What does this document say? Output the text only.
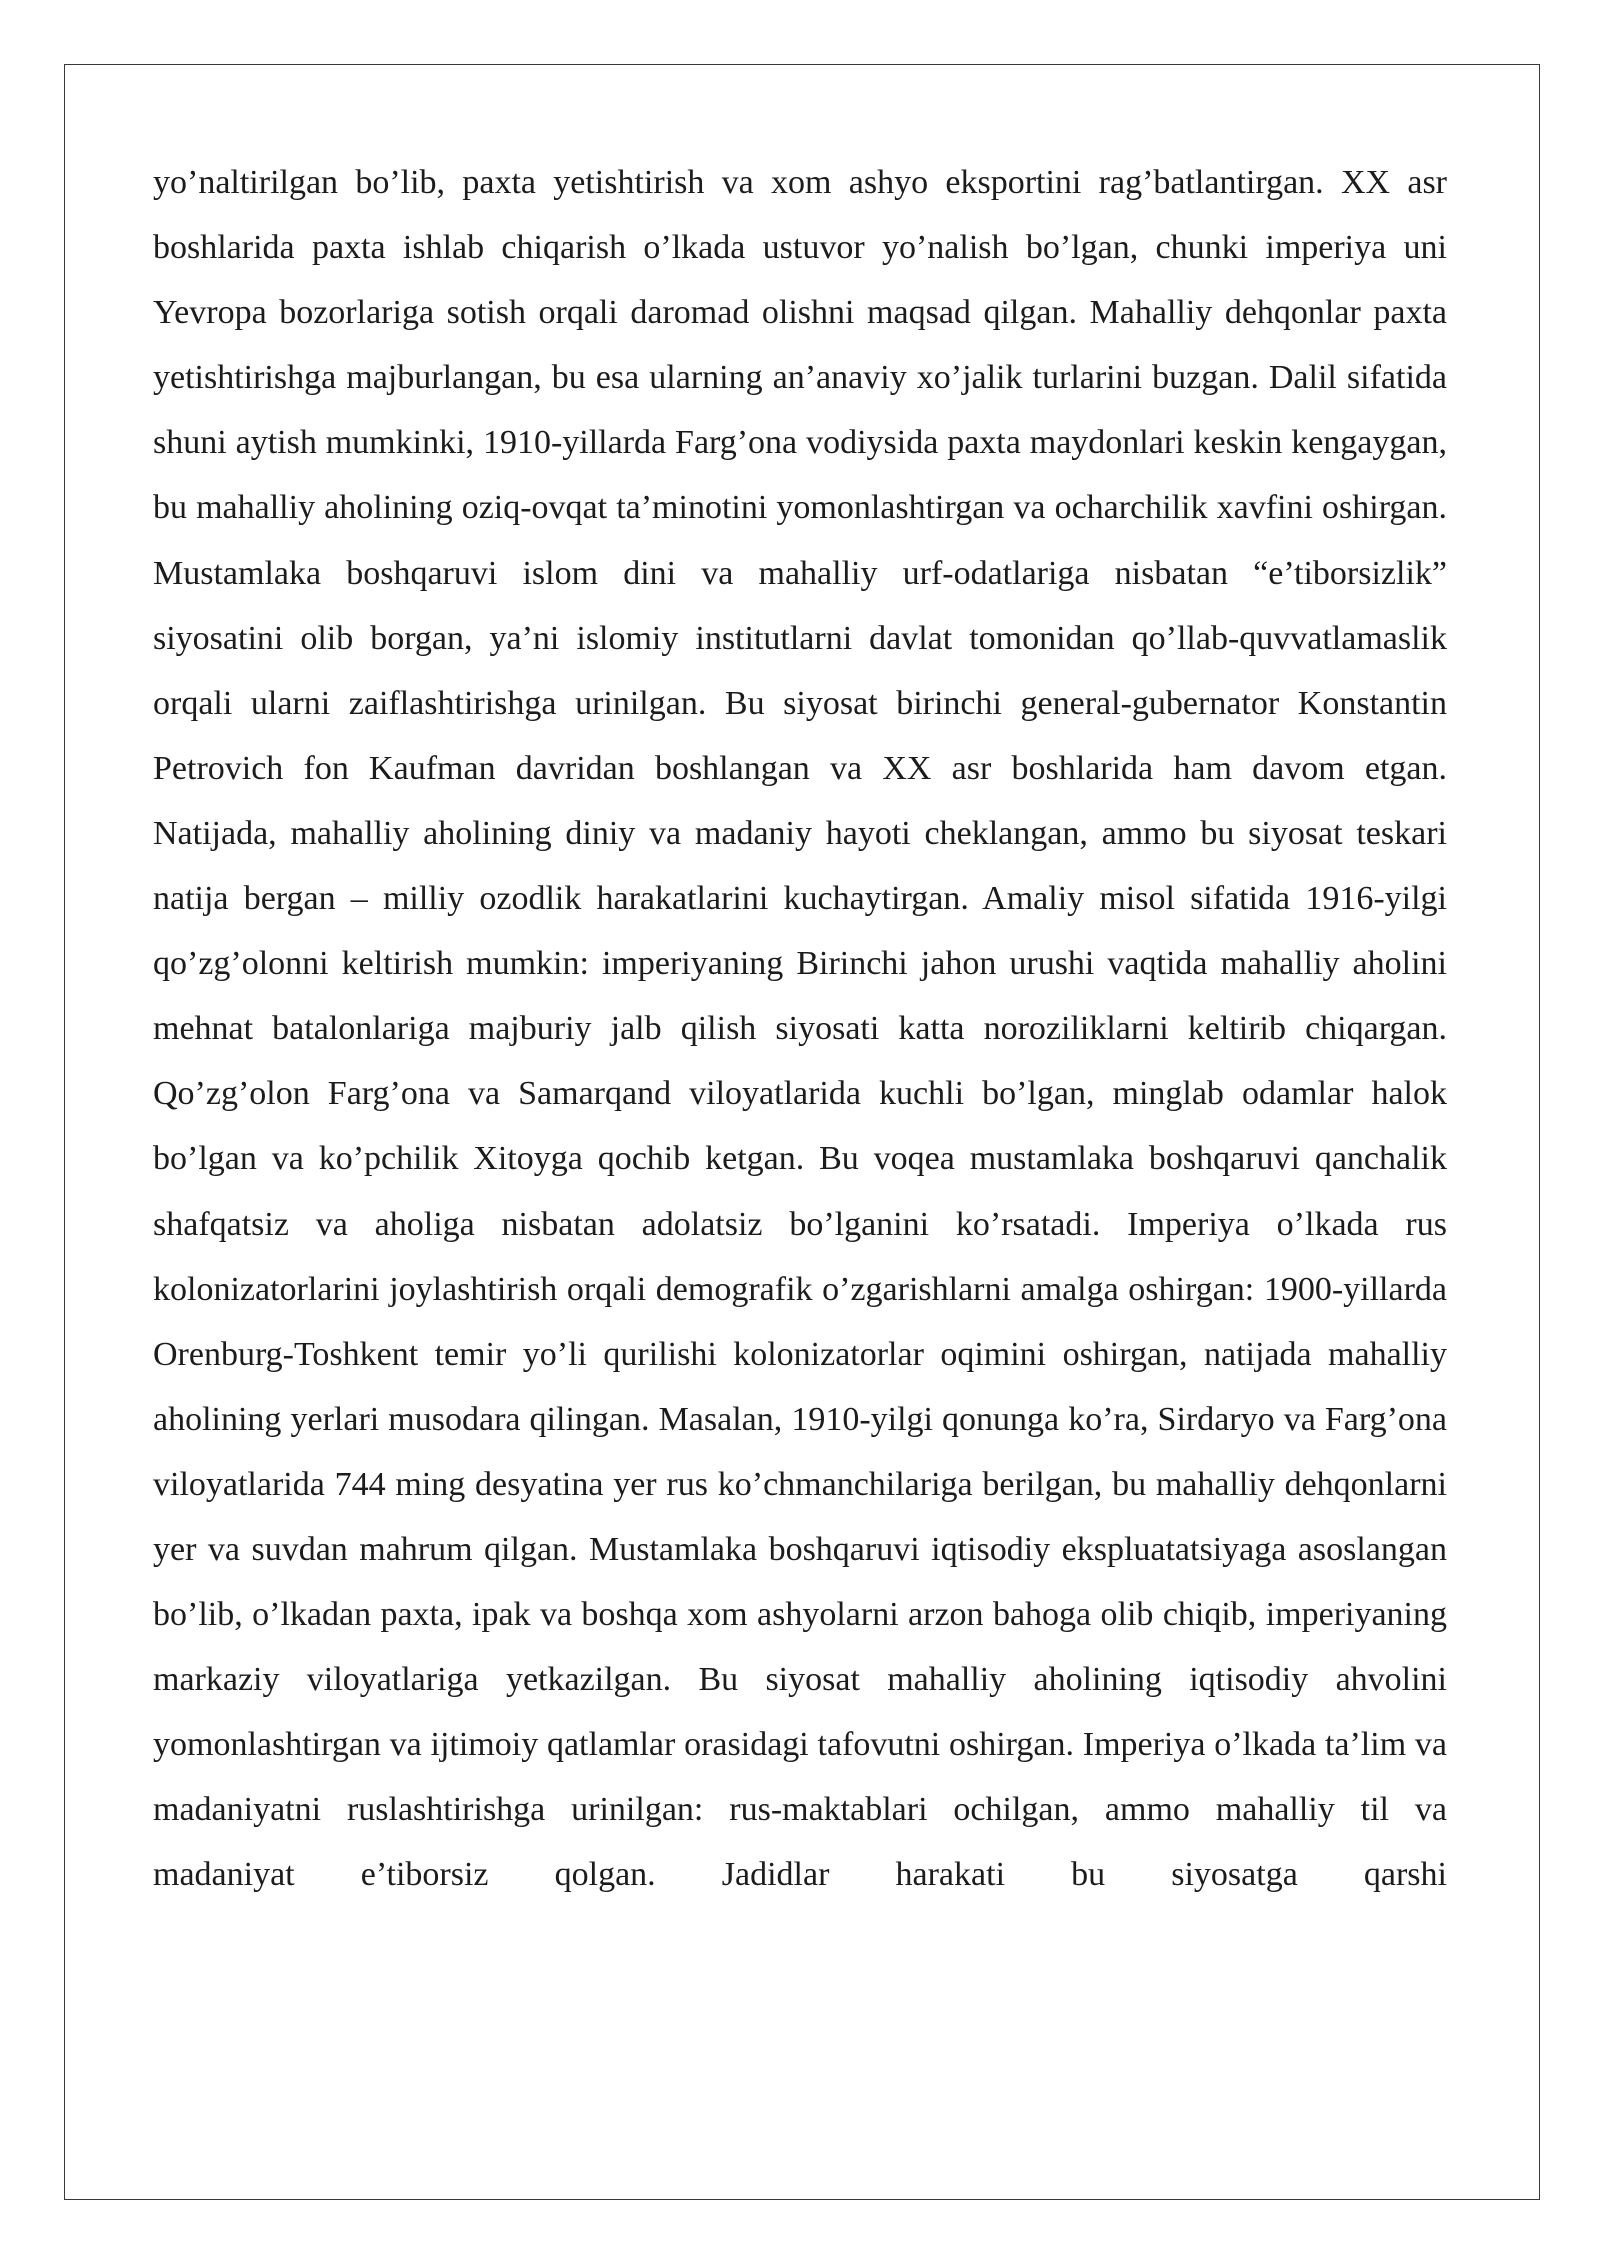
yo’naltirilgan bo’lib, paxta yetishtirish va xom ashyo eksportini rag’batlantirgan. XX asr boshlarida paxta ishlab chiqarish o’lkada ustuvor yo’nalish bo’lgan, chunki imperiya uni Yevropa bozorlariga sotish orqali daromad olishni maqsad qilgan. Mahalliy dehqonlar paxta yetishtirishga majburlangan, bu esa ularning an’anaviy xo’jalik turlarini buzgan. Dalil sifatida shuni aytish mumkinki, 1910-yillarda Farg’ona vodiysida paxta maydonlari keskin kengaygan, bu mahalliy aholining oziq-ovqat ta’minotini yomonlashtirgan va ocharchilik xavfini oshirgan. Mustamlaka boshqaruvi islom dini va mahalliy urf-odatlariga nisbatan “e’tiborsizlik” siyosatini olib borgan, ya’ni islomiy institutlarni davlat tomonidan qo’llab-quvvatlamaslik orqali ularni zaiflashtirishga urinilgan. Bu siyosat birinchi general-gubernator Konstantin Petrovich fon Kaufman davridan boshlangan va XX asr boshlarida ham davom etgan. Natijada, mahalliy aholining diniy va madaniy hayoti cheklangan, ammo bu siyosat teskari natija bergan – milliy ozodlik harakatlarini kuchaytirgan. Amaliy misol sifatida 1916-yilgi qo’zg’olonni keltirish mumkin: imperiyaning Birinchi jahon urushi vaqtida mahalliy aholini mehnat batalonlariga majburiy jalb qilish siyosati katta noroziliklarni keltirib chiqargan. Qo’zg’olon Farg’ona va Samarqand viloyatlarida kuchli bo’lgan, minglab odamlar halok bo’lgan va ko’pchilik Xitoyga qochib ketgan. Bu voqea mustamlaka boshqaruvi qanchalik shafqatsiz va aholiga nisbatan adolatsiz bo’lganini ko’rsatadi. Imperiya o’lkada rus kolonizatorlarini joylashtirish orqali demografik o’zgarishlarni amalga oshirgan: 1900-yillarda Orenburg-Toshkent temir yo’li qurilishi kolonizatorlar oqimini oshirgan, natijada mahalliy aholining yerlari musodara qilingan. Masalan, 1910-yilgi qonunga ko’ra, Sirdaryo va Farg’ona viloyatlarida 744 ming desyatina yer rus ko’chmanchilariga berilgan, bu mahalliy dehqonlarni yer va suvdan mahrum qilgan. Mustamlaka boshqaruvi iqtisodiy ekspluatatsiyaga asoslangan bo’lib, o’lkadan paxta, ipak va boshqa xom ashyolarni arzon bahoga olib chiqib, imperiyaning markaziy viloyatlariga yetkazilgan. Bu siyosat mahalliy aholining iqtisodiy ahvolini yomonlashtirgan va ijtimoiy qatlamlar orasidagi tafovutni oshirgan. Imperiya o’lkada ta’lim va madaniyatni ruslashtirishga urinilgan: rus-maktablari ochilgan, ammo mahalliy til va madaniyat e’tiborsiz qolgan. Jadidlar harakati bu siyosatga qarshi
